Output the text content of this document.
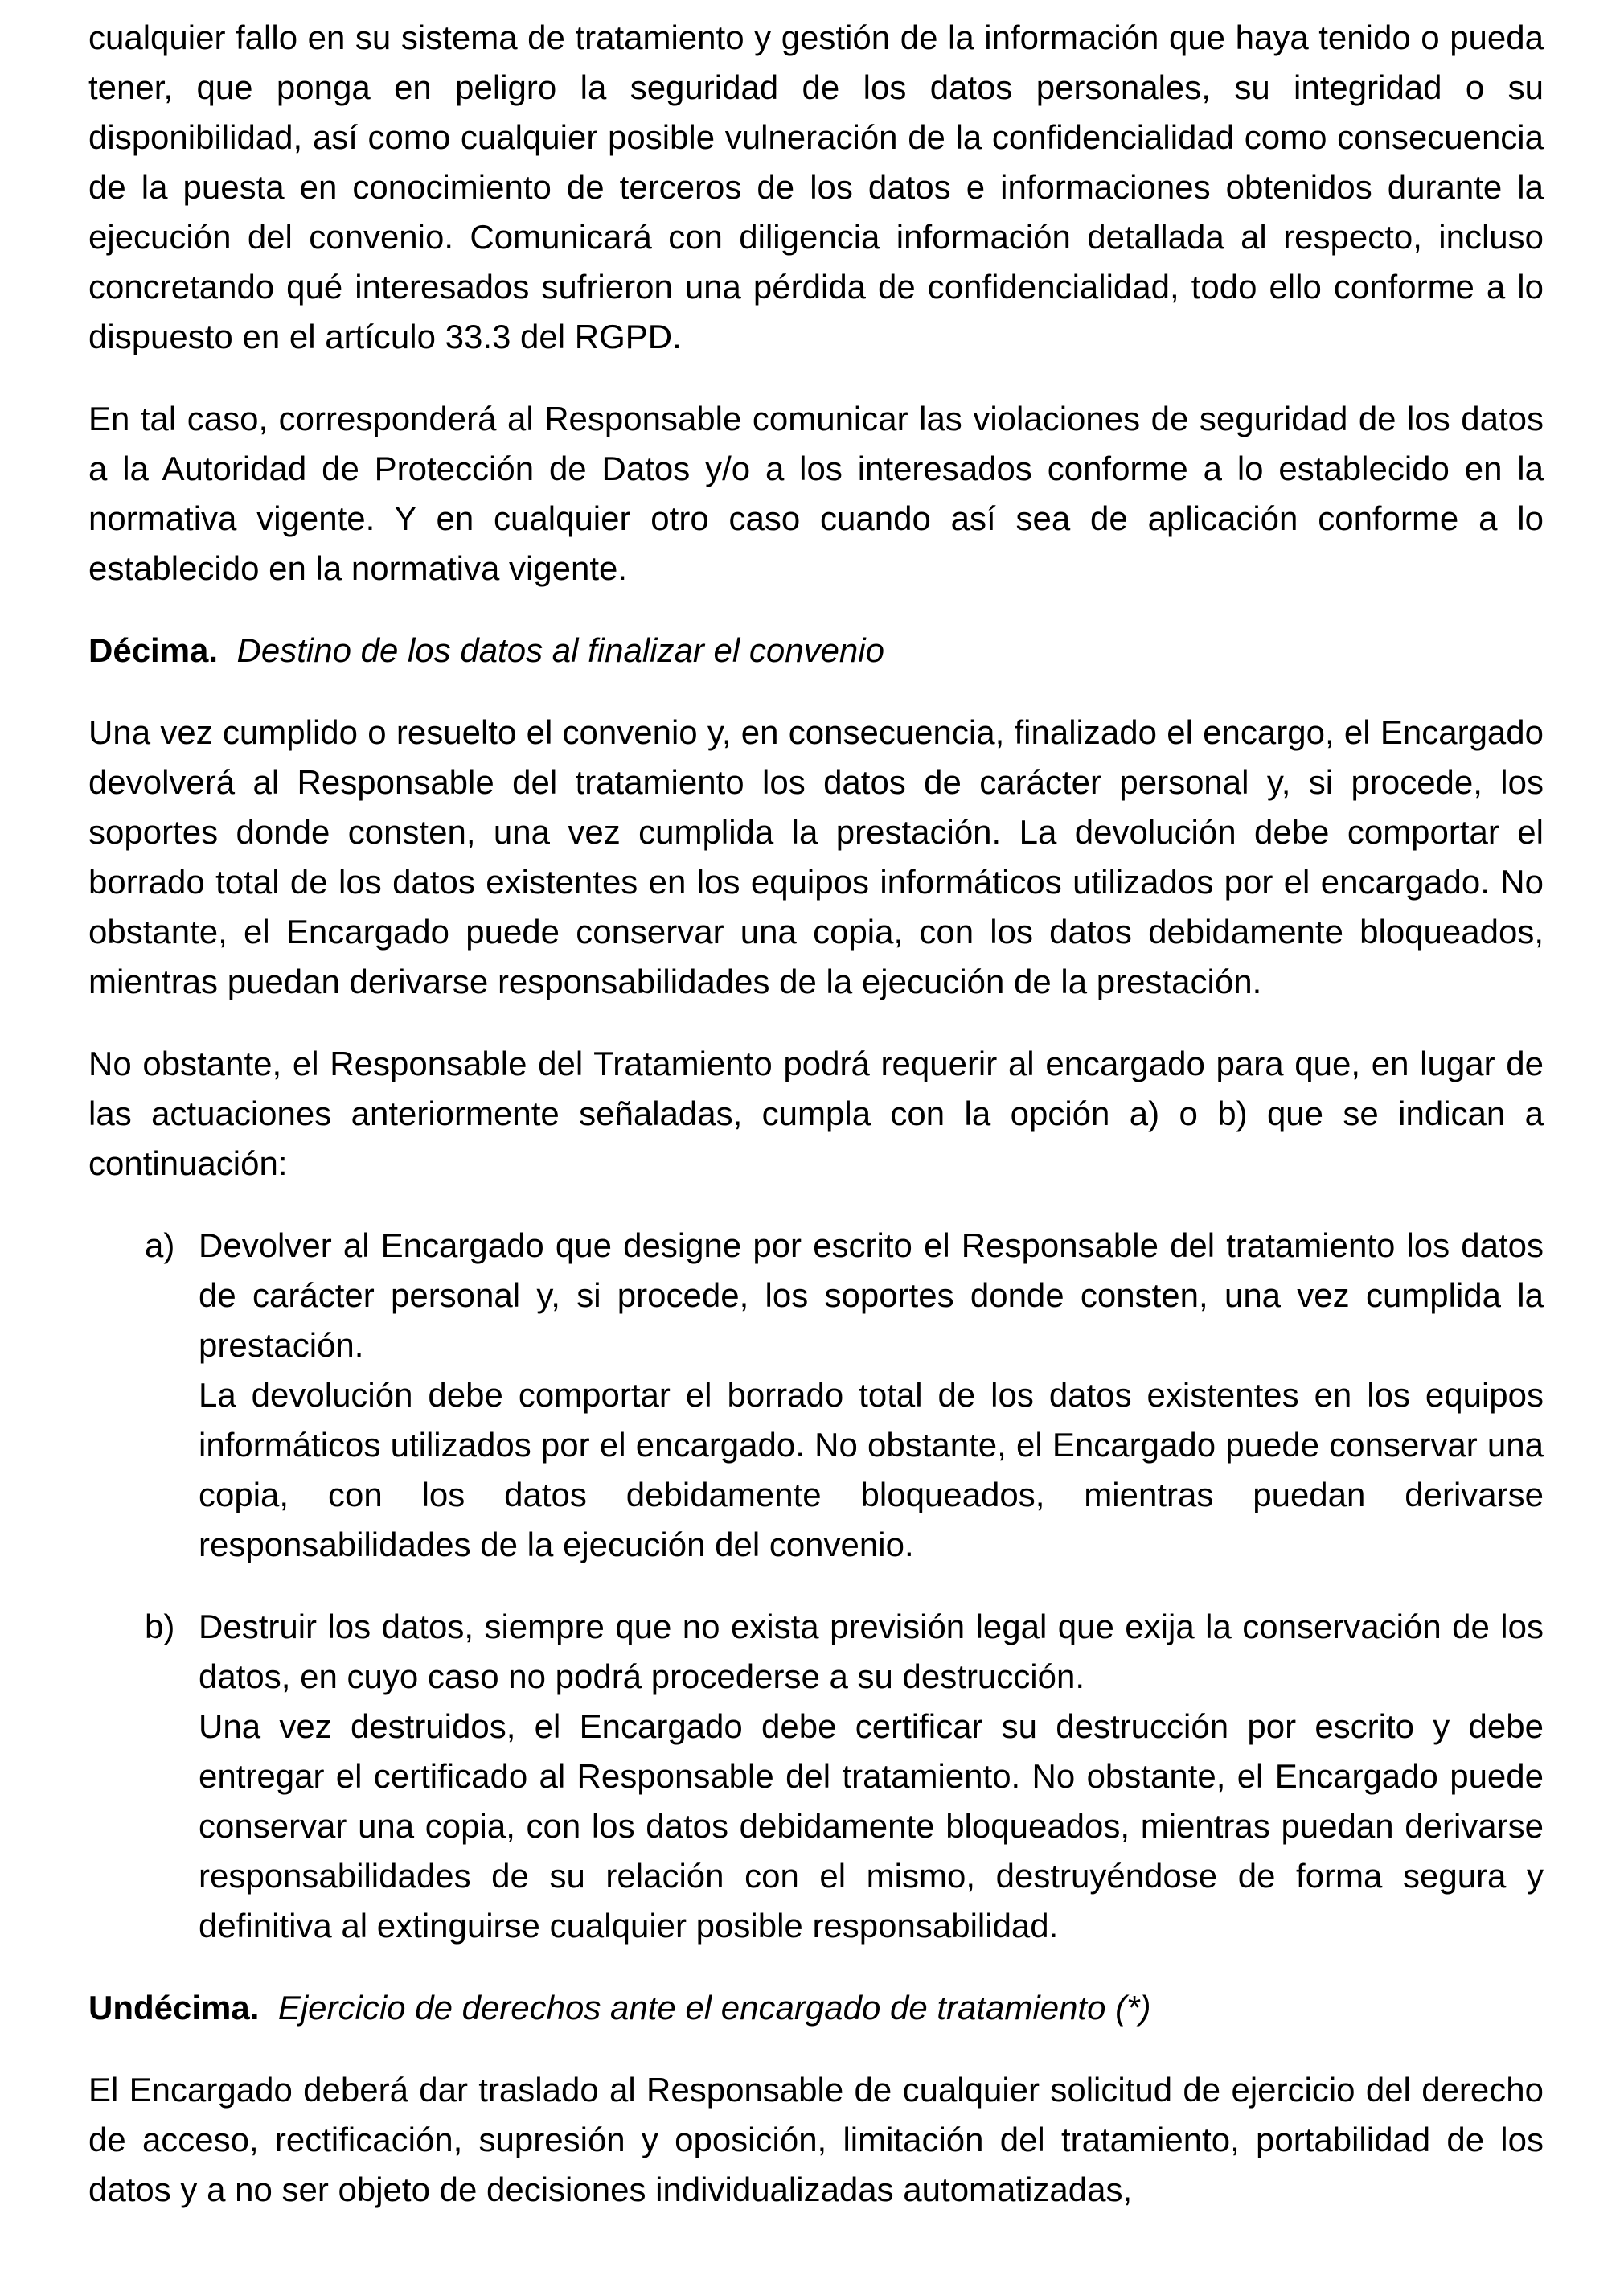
cualquier fallo en su sistema de tratamiento y gestión de la información que haya tenido o pueda tener, que ponga en peligro la seguridad de los datos personales, su integridad o su disponibilidad, así como cualquier posible vulneración de la confidencialidad como consecuencia de la puesta en conocimiento de terceros de los datos e informaciones obtenidos durante la ejecución del convenio. Comunicará con diligencia información detallada al respecto, incluso concretando qué interesados sufrieron una pérdida de confidencialidad, todo ello conforme a lo dispuesto en el artículo 33.3 del RGPD.

En tal caso, corresponderá al Responsable comunicar las violaciones de seguridad de los datos a la Autoridad de Protección de Datos y/o a los interesados conforme a lo establecido en la normativa vigente. Y en cualquier otro caso cuando así sea de aplicación conforme a lo establecido en la normativa vigente.

Décima. Destino de los datos al finalizar el convenio

Una vez cumplido o resuelto el convenio y, en consecuencia, finalizado el encargo, el Encargado devolverá al Responsable del tratamiento los datos de carácter personal y, si procede, los soportes donde consten, una vez cumplida la prestación. La devolución debe comportar el borrado total de los datos existentes en los equipos informáticos utilizados por el encargado. No obstante, el Encargado puede conservar una copia, con los datos debidamente bloqueados, mientras puedan derivarse responsabilidades de la ejecución de la prestación.

No obstante, el Responsable del Tratamiento podrá requerir al encargado para que, en lugar de las actuaciones anteriormente señaladas, cumpla con la opción a) o b) que se indican a continuación:

a) Devolver al Encargado que designe por escrito el Responsable del tratamiento los datos de carácter personal y, si procede, los soportes donde consten, una vez cumplida la prestación.

La devolución debe comportar el borrado total de los datos existentes en los equipos informáticos utilizados por el encargado. No obstante, el Encargado puede conservar una copia, con los datos debidamente bloqueados, mientras puedan derivarse responsabilidades de la ejecución del convenio.

b) Destruir los datos, siempre que no exista previsión legal que exija la conservación de los datos, en cuyo caso no podrá procederse a su destrucción.

Una vez destruidos, el Encargado debe certificar su destrucción por escrito y debe entregar el certificado al Responsable del tratamiento. No obstante, el Encargado puede conservar una copia, con los datos debidamente bloqueados, mientras puedan derivarse responsabilidades de su relación con el mismo, destruyéndose de forma segura y definitiva al extinguirse cualquier posible responsabilidad.

Undécima. Ejercicio de derechos ante el encargado de tratamiento (*)

El Encargado deberá dar traslado al Responsable de cualquier solicitud de ejercicio del derecho de acceso, rectificación, supresión y oposición, limitación del tratamiento, portabilidad de los datos y a no ser objeto de decisiones individualizadas automatizadas,
